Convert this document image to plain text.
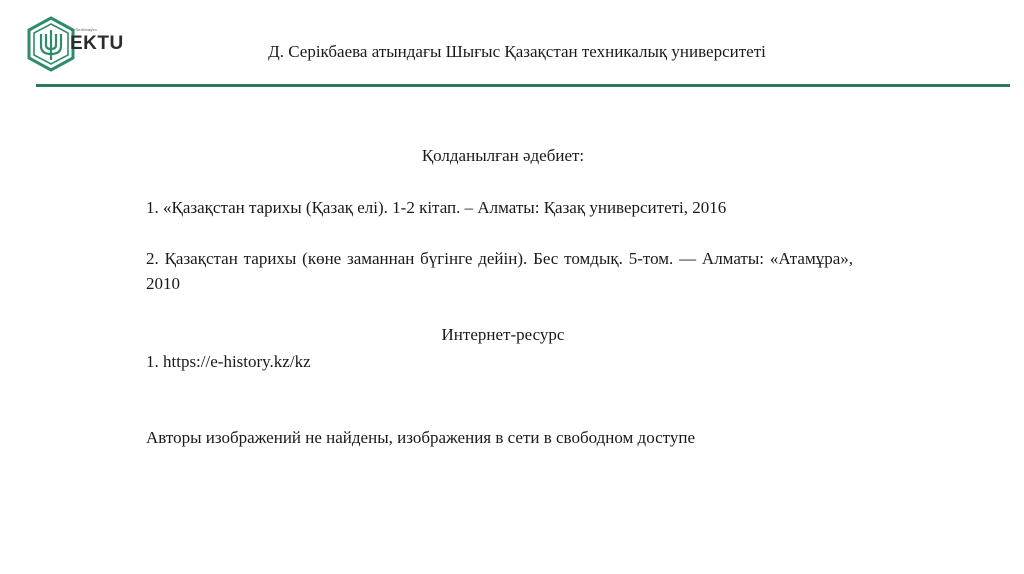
D.Serikbayev
EKTU	Д. Серікбаева атындағы Шығыс Қазақстан техникалық университеті
Қолданылған әдебиет:
1. «Қазақстан тарихы (Қазақ елі). 1-2 кітап. – Алматы: Қазақ университеті, 2016
2. Қазақстан тарихы (көне заманнан бүгінге дейін). Бес томдық. 5-том. — Алматы: «Атамұра», 2010
Интернет-ресурс
1. https://e-history.kz/kz
Авторы изображений не найдены, изображения в сети в свободном доступе
